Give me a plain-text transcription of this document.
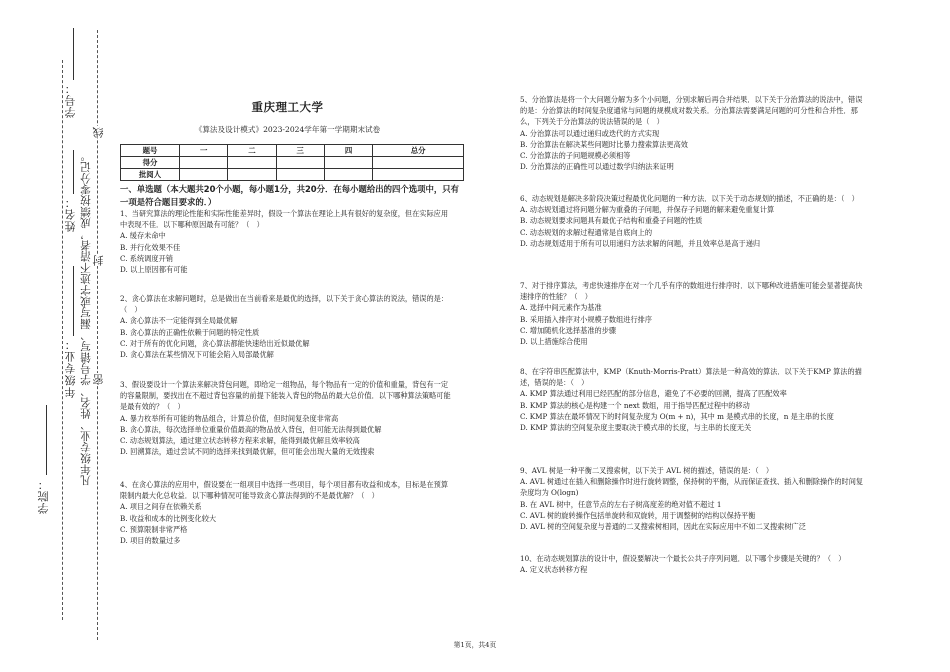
学号：
姓名：
年级专业：
学院：
凡年级专业、姓名、学号错写、漏写或字迹不清者，成绩按零分记。
线
封
密
重庆理工大学
《算法及设计模式》2023-2024学年第一学期期末试卷
题号	一	二	三	四	总分
得分					
批阅人					
一、单选题（本大题共20个小题，每小题1分，共20分．在每小题给出的四个选项中，只有一项是符合题目要求的．）

1、当研究算法的理论性能和实际性能差异时，假设一个算法在理论上具有很好的复杂度，但在实际应用中表现不佳．以下哪种原因最有可能？（　）

A. 缓存未命中

B. 并行化效果不佳

C. 系统调度开销

D. 以上原因都有可能

2、贪心算法在求解问题时，总是做出在当前看来是最优的选择，以下关于贪心算法的说法，错误的是：（　）

A. 贪心算法不一定能得到全局最优解

B. 贪心算法的正确性依赖于问题的特定性质

C. 对于所有的优化问题，贪心算法都能快速给出近似最优解

D. 贪心算法在某些情况下可能会陷入局部最优解

3、假设要设计一个算法来解决背包问题，即给定一组物品，每个物品有一定的价值和重量，背包有一定的容量限制，要找出在不超过背包容量的前提下能装入背包的物品的最大总价值．以下哪种算法策略可能是最有效的？（　）

A. 暴力枚举所有可能的物品组合，计算总价值，但时间复杂度非常高

B. 贪心算法，每次选择单位重量价值最高的物品放入背包，但可能无法得到最优解

C. 动态规划算法，通过建立状态转移方程来求解，能得到最优解且效率较高

D. 回溯算法，通过尝试不同的选择来找到最优解，但可能会出现大量的无效搜索

4、在贪心算法的应用中，假设要在一组项目中选择一些项目，每个项目都有收益和成本，目标是在预算限制内最大化总收益．以下哪种情况可能导致贪心算法得到的不是最优解？（　）

A. 项目之间存在依赖关系

B. 收益和成本的比例变化较大

C. 预算限制非常严格

D. 项目的数量过多

5、分治算法是将一个大问题分解为多个小问题，分别求解后再合并结果．以下关于分治算法的说法中，错误的是：分治算法的时间复杂度通常与问题的规模成对数关系．分治算法需要满足问题的可分性和合并性．那么，下列关于分治算法的说法错误的是（　）

A. 分治算法可以通过递归或迭代的方式实现

B. 分治算法在解决某些问题时比暴力搜索算法更高效

C. 分治算法的子问题规模必须相等

D. 分治算法的正确性可以通过数学归纳法来证明

6、动态规划是解决多阶段决策过程最优化问题的一种方法．以下关于动态规划的描述，不正确的是：（　）

A. 动态规划通过将问题分解为重叠的子问题，并保存子问题的解来避免重复计算

B. 动态规划要求问题具有最优子结构和重叠子问题的性质

C. 动态规划的求解过程通常是自底向上的

D. 动态规划适用于所有可以用递归方法求解的问题，并且效率总是高于递归

7、对于排序算法，考虑快速排序在对一个几乎有序的数组进行排序时．以下哪种改进措施可能会显著提高快速排序的性能？（　）

A. 选择中间元素作为基准

B. 采用插入排序对小规模子数组进行排序

C. 增加随机化选择基准的步骤

D. 以上措施综合使用

8、在字符串匹配算法中，KMP（Knuth-Morris-Pratt）算法是一种高效的算法．以下关于KMP 算法的描述，错误的是：（　）

A. KMP 算法通过利用已经匹配的部分信息，避免了不必要的回溯，提高了匹配效率

B. KMP 算法的核心是构建一个 next 数组，用于指导匹配过程中的移动

C. KMP 算法在最坏情况下的时间复杂度为 O(m + n)，其中 m 是模式串的长度，n 是主串的长度

D. KMP 算法的空间复杂度主要取决于模式串的长度，与主串的长度无关

9、AVL 树是一种平衡二叉搜索树，以下关于 AVL 树的描述，错误的是：（　）

A. AVL 树通过在插入和删除操作时进行旋转调整，保持树的平衡，从而保证查找、插入和删除操作的时间复杂度均为 O(logn)

B. 在 AVL 树中，任意节点的左右子树高度差的绝对值不超过 1

C. AVL 树的旋转操作包括单旋转和双旋转，用于调整树的结构以保持平衡

D. AVL 树的空间复杂度与普通的二叉搜索树相同，因此在实际应用中不如二叉搜索树广泛

10、在动态规划算法的设计中，假设要解决一个最长公共子序列问题．以下哪个步骤是关键的？（　）

A. 定义状态转移方程

第1页，共4页
